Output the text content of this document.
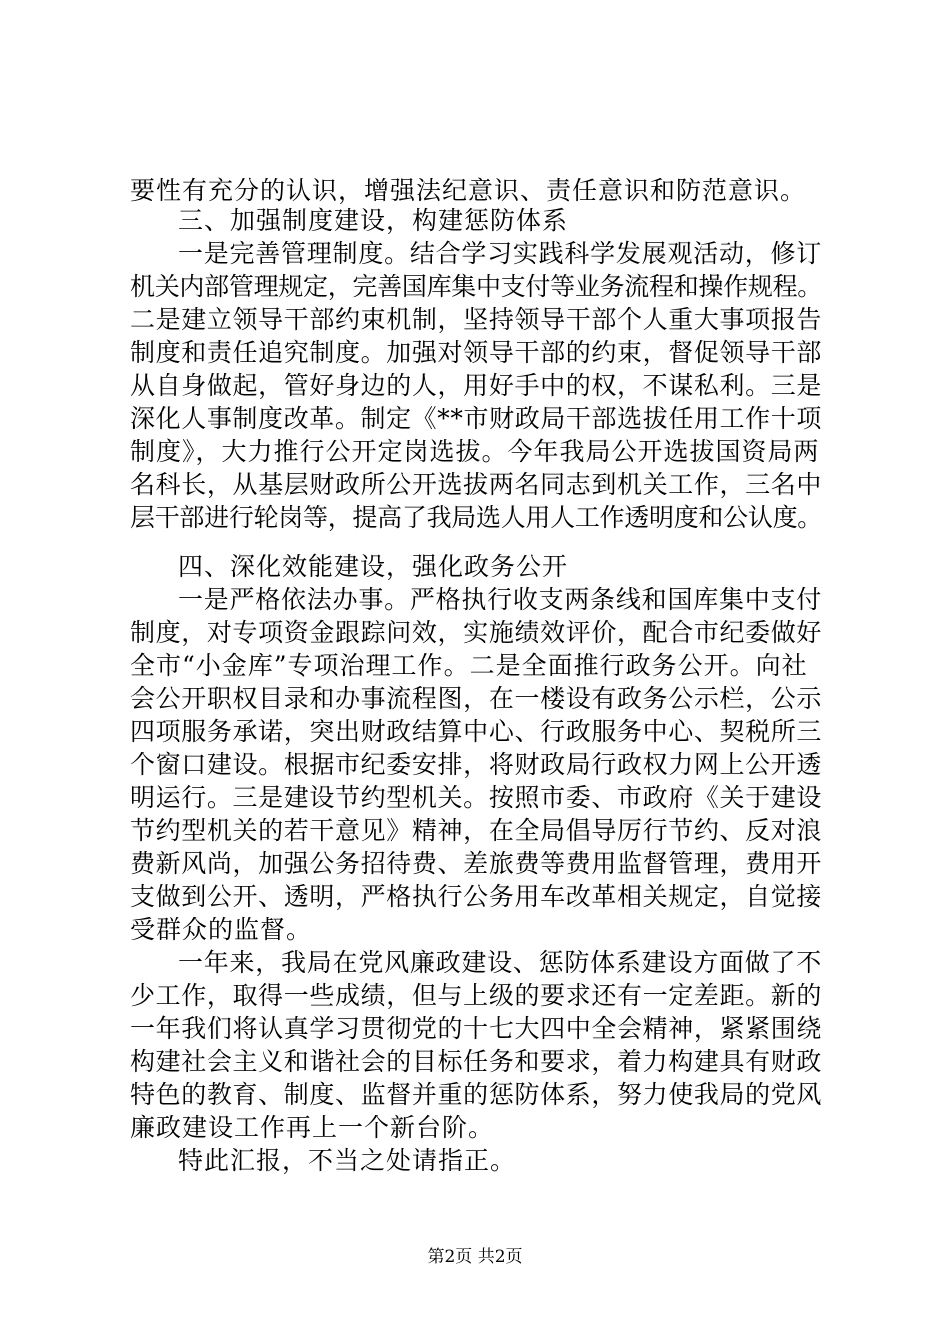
要性有充分的认识，增强法纪意识、责任意识和防范意识。
三、加强制度建设，构建惩防体系
一是完善管理制度。结合学习实践科学发展观活动，修订
机关内部管理规定，完善国库集中支付等业务流程和操作规程。
二是建立领导干部约束机制，坚持领导干部个人重大事项报告
制度和责任追究制度。加强对领导干部的约束，督促领导干部
从自身做起，管好身边的人，用好手中的权，不谋私利。三是
深化人事制度改革。制定《**市财政局干部选拔任用工作十项
制度》，大力推行公开定岗选拔。今年我局公开选拔国资局两
名科长，从基层财政所公开选拔两名同志到机关工作，三名中
层干部进行轮岗等，提高了我局选人用人工作透明度和公认度。
四、深化效能建设，强化政务公开
一是严格依法办事。严格执行收支两条线和国库集中支付
制度，对专项资金跟踪问效，实施绩效评价，配合市纪委做好
全市“小金库”专项治理工作。二是全面推行政务公开。向社
会公开职权目录和办事流程图，在一楼设有政务公示栏，公示
四项服务承诺，突出财政结算中心、行政服务中心、契税所三
个窗口建设。根据市纪委安排，将财政局行政权力网上公开透
明运行。三是建设节约型机关。按照市委、市政府《关于建设
节约型机关的若干意见》精神，在全局倡导厉行节约、反对浪
费新风尚，加强公务招待费、差旅费等费用监督管理，费用开
支做到公开、透明，严格执行公务用车改革相关规定，自觉接
受群众的监督。
一年来，我局在党风廉政建设、惩防体系建设方面做了不
少工作，取得一些成绩，但与上级的要求还有一定差距。新的
一年我们将认真学习贯彻党的十七大四中全会精神，紧紧围绕
构建社会主义和谐社会的目标任务和要求，着力构建具有财政
特色的教育、制度、监督并重的惩防体系，努力使我局的党风
廉政建设工作再上一个新台阶。
特此汇报，不当之处请指正。
第2页 共2页
